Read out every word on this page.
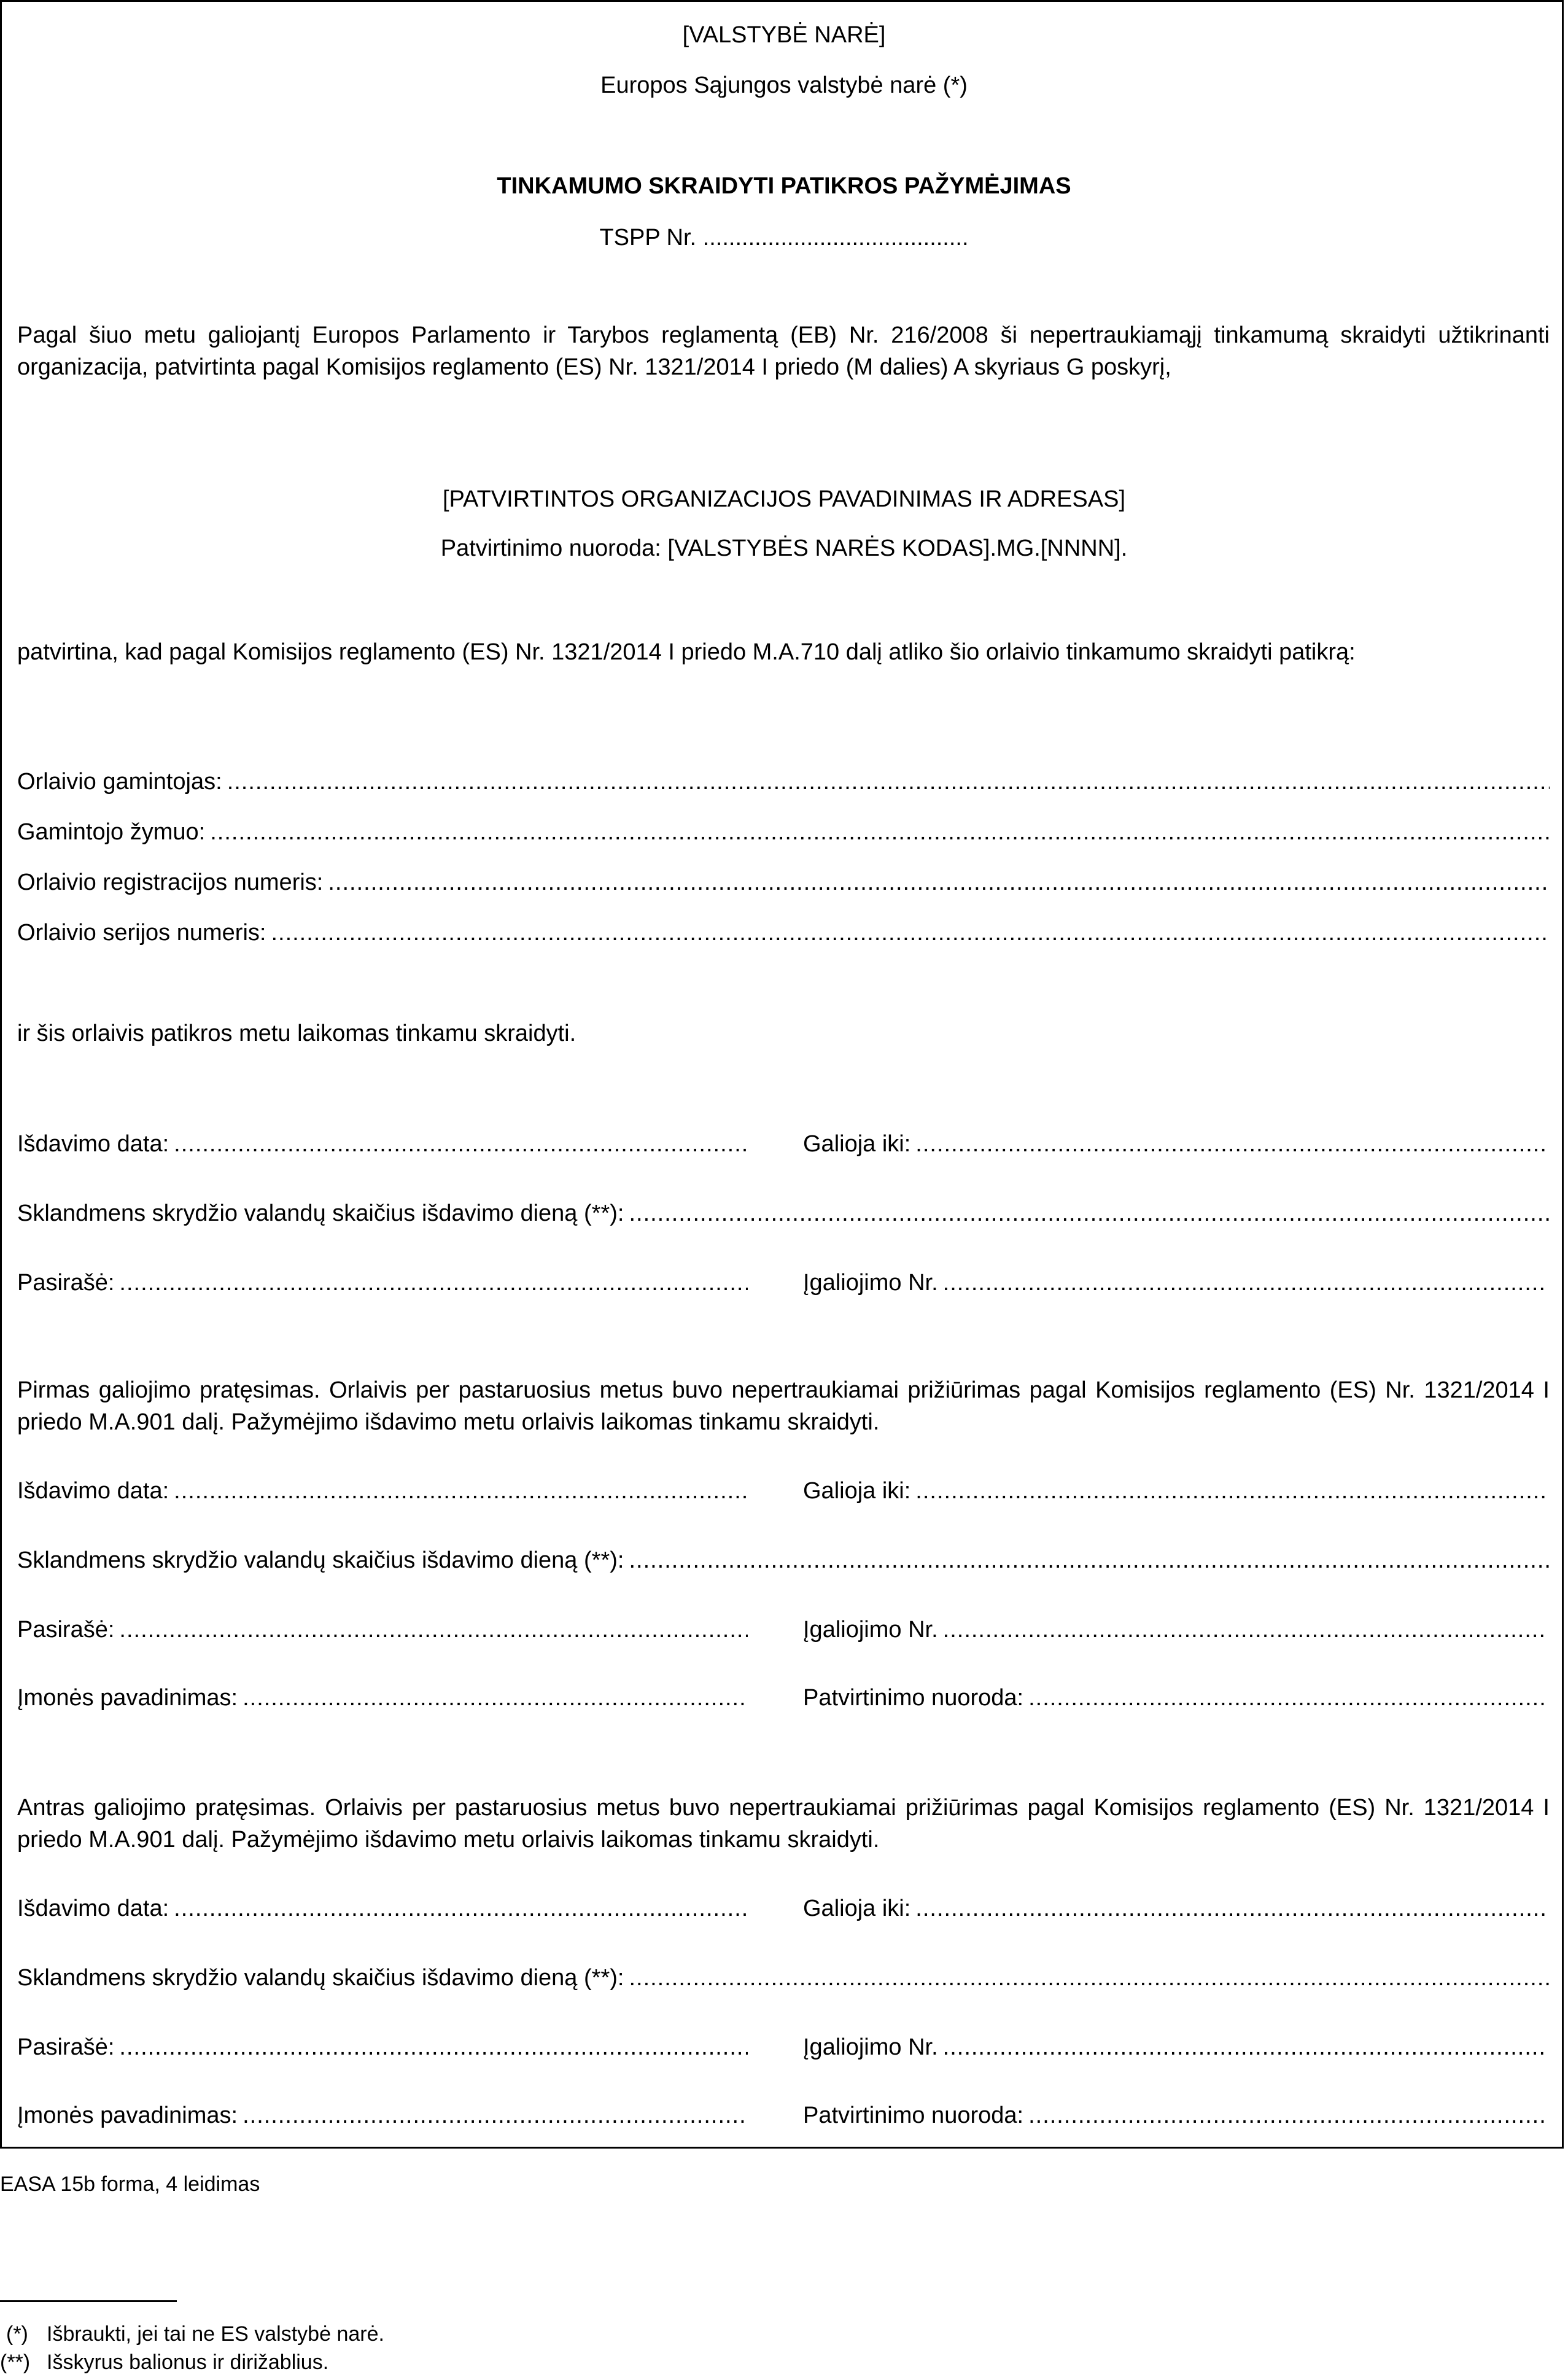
[VALSTYBĖ NARĖ]
Europos Sąjungos valstybė narė (*)
TINKAMUMO SKRAIDYTI PATIKROS PAŽYMĖJIMAS
TSPP Nr. .........................................
Pagal šiuo metu galiojantį Europos Parlamento ir Tarybos reglamentą (EB) Nr. 216/2008 ši nepertraukiamąjį tinkamumą skraidyti užtikrinanti organizacija, patvirtinta pagal Komisijos reglamento (ES) Nr. 1321/2014 I priedo (M dalies) A skyriaus G poskyrį,
[PATVIRTINTOS ORGANIZACIJOS PAVADINIMAS IR ADRESAS]
Patvirtinimo nuoroda: [VALSTYBĖS NARĖS KODAS].MG.[NNNN].
patvirtina, kad pagal Komisijos reglamento (ES) Nr. 1321/2014 I priedo M.A.710 dalį atliko šio orlaivio tinkamumo skraidyti patikrą:
Orlaivio gamintojas:
.....
Gamintojo žymuo:
.....
Orlaivio registracijos numeris:
.....
Orlaivio serijos numeris:
.....
ir šis orlaivis patikros metu laikomas tinkamu skraidyti.
Išdavimo data: .....	Galioja iki:
.....
Sklandmens skrydžio valandų skaičius išdavimo dieną (**):
.....
Pasirašė: .....	Įgaliojimo Nr.
.....
Pirmas galiojimo pratęsimas. Orlaivis per pastaruosius metus buvo nepertraukiamai prižiūrimas pagal Komisijos reglamento (ES) Nr. 1321/2014 I priedo M.A.901 dalį. Pažymėjimo išdavimo metu orlaivis laikomas tinkamu skraidyti.
Išdavimo data: .....	Galioja iki:
.....
Sklandmens skrydžio valandų skaičius išdavimo dieną (**):
.....
Pasirašė: .....	Įgaliojimo Nr.
.....
Įmonės pavadinimas: .....	Patvirtinimo nuoroda:
.....
Antras galiojimo pratęsimas. Orlaivis per pastaruosius metus buvo nepertraukiamai prižiūrimas pagal Komisijos reglamento (ES) Nr. 1321/2014 I priedo M.A.901 dalį. Pažymėjimo išdavimo metu orlaivis laikomas tinkamu skraidyti.
Išdavimo data: .....	Galioja iki:
.....
Sklandmens skrydžio valandų skaičius išdavimo dieną (**):
.....
Pasirašė: .....	Įgaliojimo Nr.
.....
Įmonės pavadinimas: .....	Patvirtinimo nuoroda:
.....
EASA 15b forma, 4 leidimas
(*) Išbraukti, jei tai ne ES valstybė narė.
(**) Išskyrus balionus ir dirižablius.
